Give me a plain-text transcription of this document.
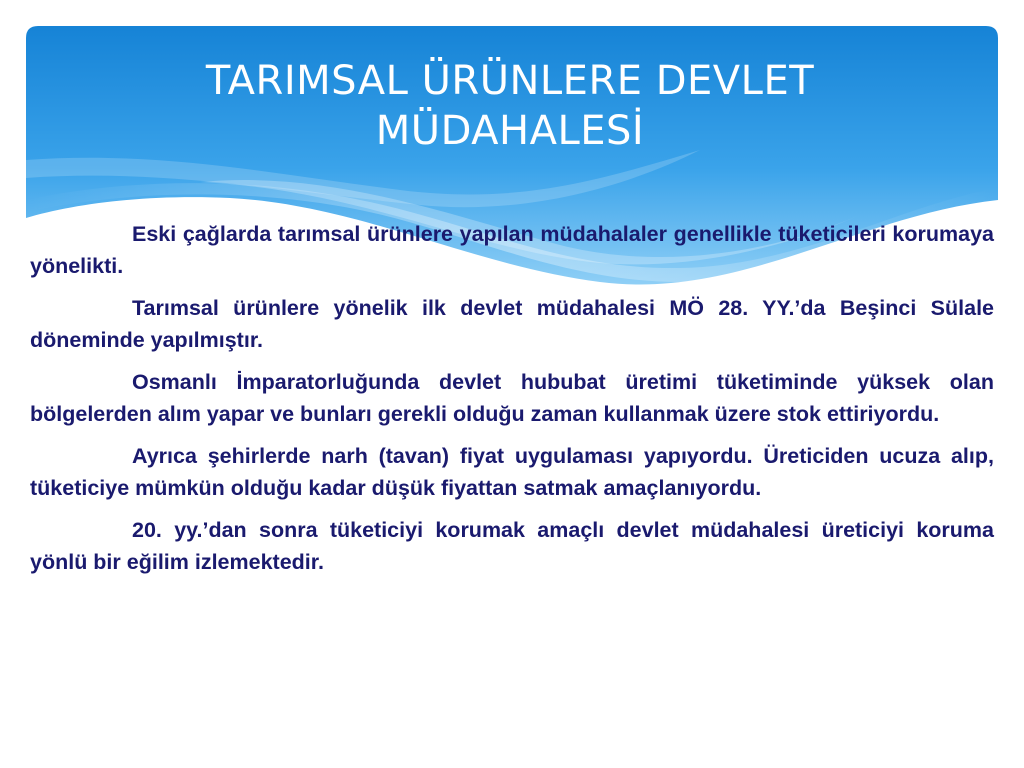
TARIMSAL ÜRÜNLERE DEVLET
MÜDAHALESİ

Eski çağlarda tarımsal ürünlere yapılan müdahalaler genellikle tüketicileri korumaya yönelikti.

Tarımsal ürünlere yönelik ilk devlet müdahalesi MÖ 28. YY.’da Beşinci Sülale döneminde yapılmıştır.

Osmanlı İmparatorluğunda devlet hububat üretimi tüketiminde yüksek olan bölgelerden alım yapar ve bunları gerekli olduğu zaman kullanmak üzere stok ettiriyordu.

Ayrıca şehirlerde narh (tavan) fiyat uygulaması yapıyordu. Üreticiden ucuza alıp, tüketiciye mümkün olduğu kadar düşük fiyattan satmak amaçlanıyordu.

20. yy.’dan sonra tüketiciyi korumak amaçlı devlet müdahalesi üreticiyi koruma yönlü bir eğilim izlemektedir.
